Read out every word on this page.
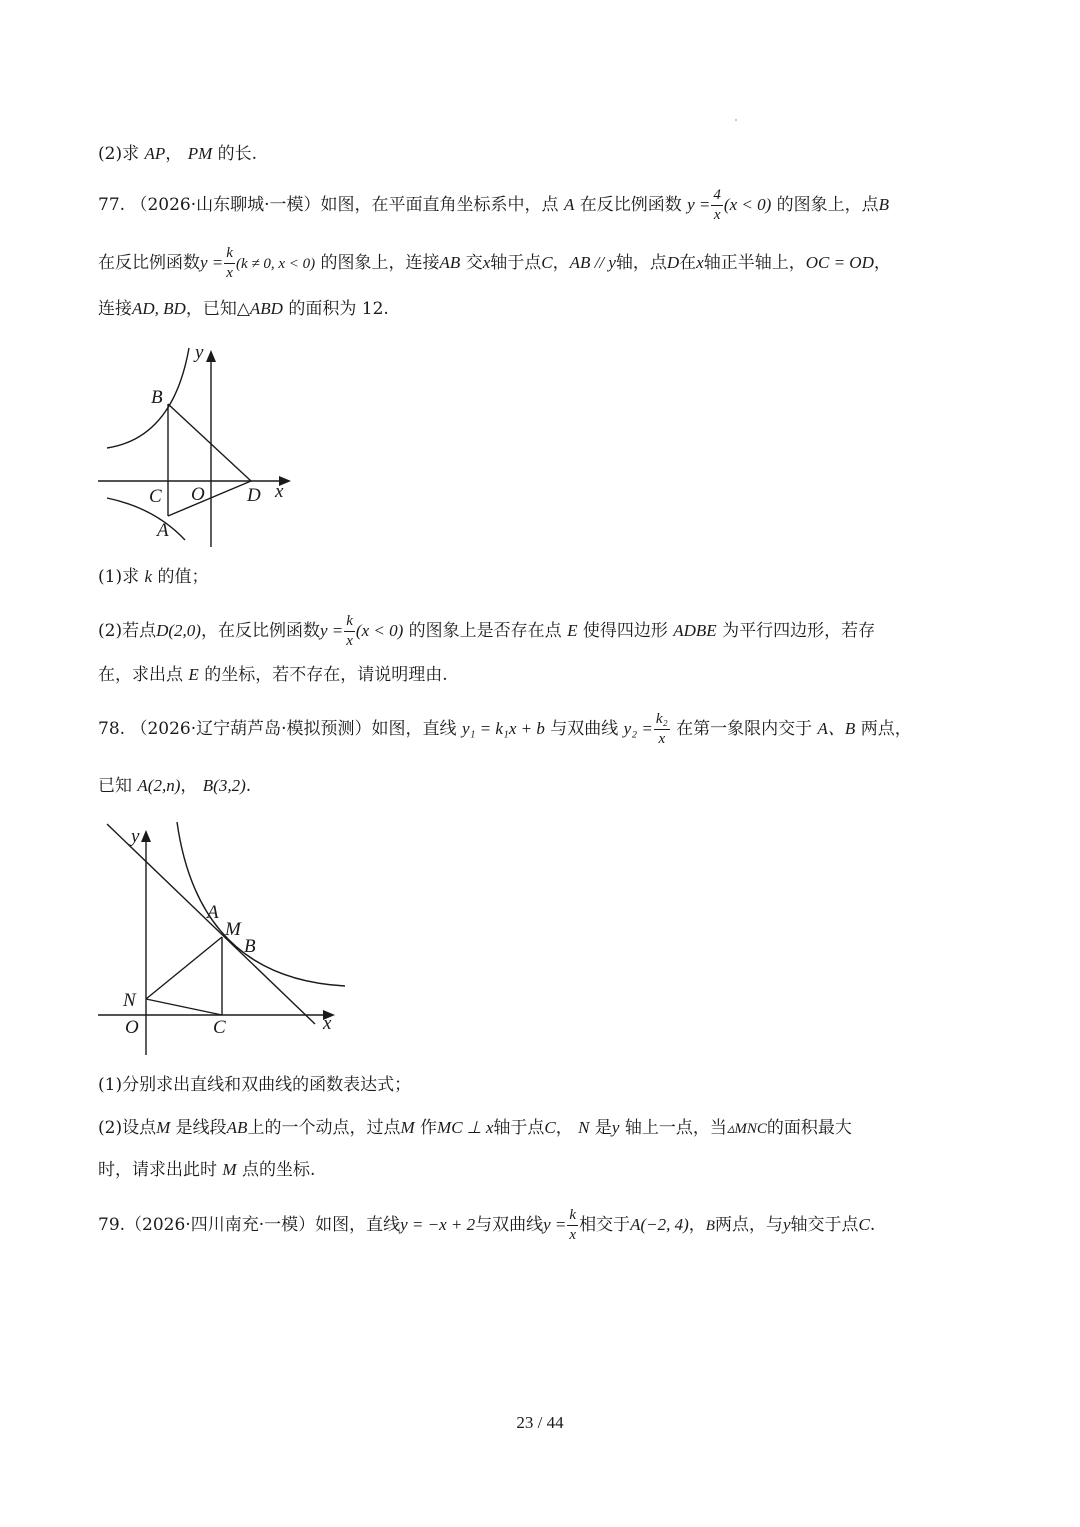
(2)求 AP， PM 的长.
77. （2026·山东聊城·一模）如图，在平面直角坐标系中，点 A 在反比例函数 $y = \frac{4}{x} (x < 0)$ 的图象上，点B
在反比例函数$y = \frac{k}{x} (k \ne 0$, x < 0) 的图象上，连接AB 交x轴于点C，AB // y轴，点D在x轴正半轴上，OC = OD，
连接AD, BD，已知△ABD 的面积为 12.
y
B
C O D x
A
(1)求 k 的值；
(2)若点D(2,0)，在反比例函数$y = \frac{k}{x} (x < 0)$ 的图象上是否存在点 E 使得四边形 ADBE 为平行四边形，若存
在，求出点 E 的坐标，若不存在，请说明理由.
78. （2026·辽宁葫芦岛·模拟预测）如图，直线 y₁ = k₁x + b 与双曲线 $y_2 = \frac{\text{k₂}}{x}$ 在第一象限内交于 A、B 两点，
已知 A(2,n)， B(3,2).
y
A
M
B
N
O	C	x
(1)分别求出直线和双曲线的函数表达式；
(2)设点M 是线段AB上的一个动点，过点M 作MC ⊥ x轴于点C， N 是y 轴上一点，当▵MNC的面积最大
时，请求出此时 M 点的坐标.
79.（2026·四川南充·一模）如图，直线y = −x + 2与双曲线$y = \frac{k}{x}$ 相交于A(−2, 4)，B两点，与y轴交于点C.
23 / 44
